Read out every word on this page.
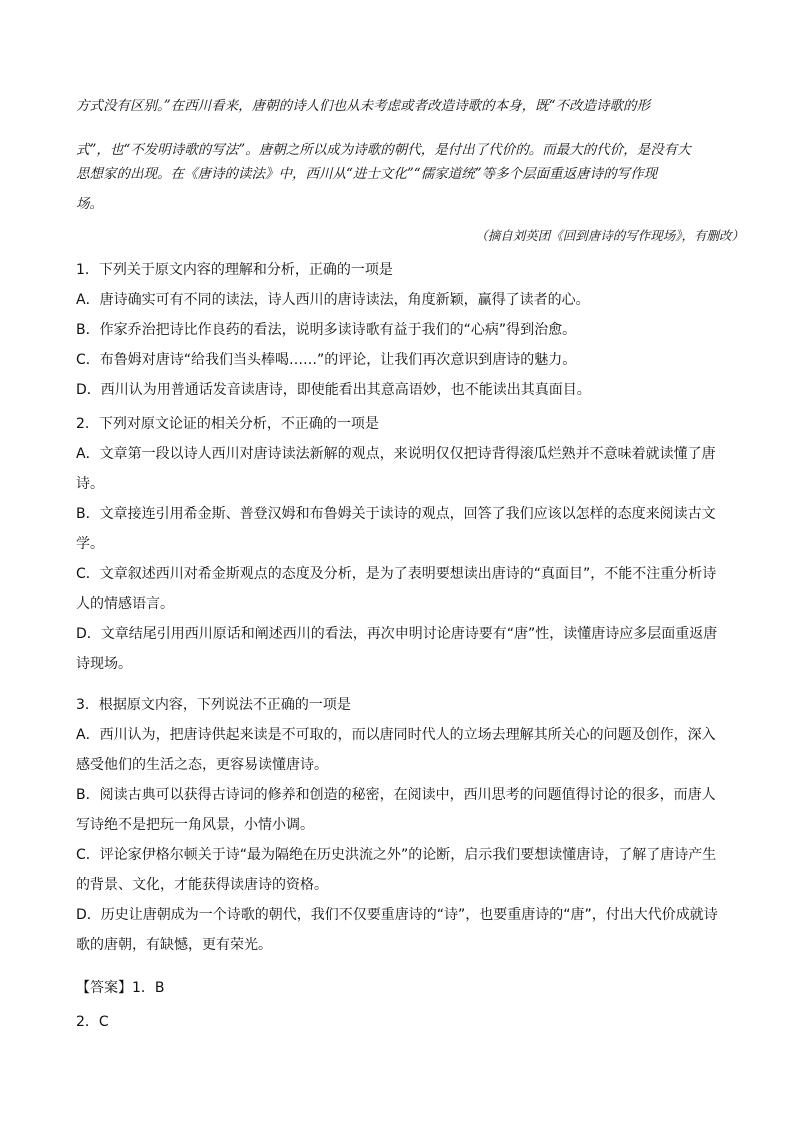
方式没有区别。”在西川看来，唐朝的诗人们也从未考虑或者改造诗歌的本身，既“不改造诗歌的形
式”，也“不发明诗歌的写法”。唐朝之所以成为诗歌的朝代，是付出了代价的。而最大的代价，是没有大
思想家的出现。在《唐诗的读法》中，西川从“进士文化”“儒家道统”等多个层面重返唐诗的写作现
场。
（摘自刘英团《回到唐诗的写作现场》，有删改）
1．下列关于原文内容的理解和分析，正确的一项是
A．唐诗确实可有不同的读法，诗人西川的唐诗读法，角度新颖，赢得了读者的心。
B．作家乔治把诗比作良药的看法，说明多读诗歌有益于我们的“心病”得到治愈。
C．布鲁姆对唐诗“给我们当头棒喝……”的评论，让我们再次意识到唐诗的魅力。
D．西川认为用普通话发音读唐诗，即使能看出其意高语妙，也不能读出其真面目。
2．下列对原文论证的相关分析，不正确的一项是
A．文章第一段以诗人西川对唐诗读法新解的观点，来说明仅仅把诗背得滚瓜烂熟并不意味着就读懂了唐
诗。
B．文章接连引用希金斯、普登汉姆和布鲁姆关于读诗的观点，回答了我们应该以怎样的态度来阅读古文
学。
C．文章叙述西川对希金斯观点的态度及分析，是为了表明要想读出唐诗的“真面目”，不能不注重分析诗
人的情感语言。
D．文章结尾引用西川原话和阐述西川的看法，再次申明讨论唐诗要有“唐”性，读懂唐诗应多层面重返唐
诗现场。
3．根据原文内容，下列说法不正确的一项是
A．西川认为，把唐诗供起来读是不可取的，而以唐同时代人的立场去理解其所关心的问题及创作，深入
感受他们的生活之态，更容易读懂唐诗。
B．阅读古典可以获得古诗词的修养和创造的秘密，在阅读中，西川思考的问题值得讨论的很多，而唐人
写诗绝不是把玩一角风景，小情小调。
C．评论家伊格尔顿关于诗“最为隔绝在历史洪流之外”的论断，启示我们要想读懂唐诗，了解了唐诗产生
的背景、文化，才能获得读唐诗的资格。
D．历史让唐朝成为一个诗歌的朝代，我们不仅要重唐诗的“诗”，也要重唐诗的“唐”，付出大代价成就诗
歌的唐朝，有缺憾，更有荣光。
【答案】1．B
2．C
